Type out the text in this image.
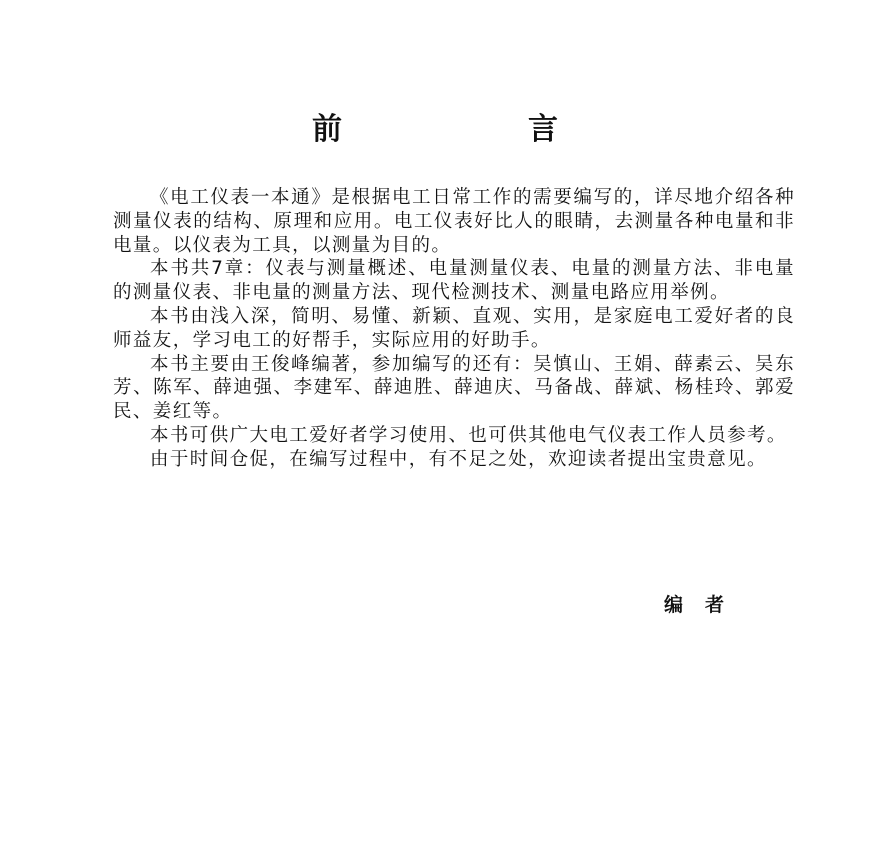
前　言

《电工仪表一本通》是根据电工日常工作的需要编写的，详尽地介绍各种测量仪表的结构、原理和应用。电工仪表好比人的眼睛，去测量各种电量和非电量。以仪表为工具，以测量为目的。

本书共7章：仪表与测量概述、电量测量仪表、电量的测量方法、非电量的测量仪表、非电量的测量方法、现代检测技术、测量电路应用举例。

本书由浅入深，简明、易懂、新颖、直观、实用，是家庭电工爱好者的良师益友，学习电工的好帮手，实际应用的好助手。

本书主要由王俊峰编著，参加编写的还有：吴慎山、王娟、薛素云、吴东芳、陈军、薛迪强、李建军、薛迪胜、薛迪庆、马备战、薛斌、杨桂玲、郭爱民、姜红等。

本书可供广大电工爱好者学习使用、也可供其他电气仪表工作人员参考。

由于时间仓促，在编写过程中，有不足之处，欢迎读者提出宝贵意见。

编者
